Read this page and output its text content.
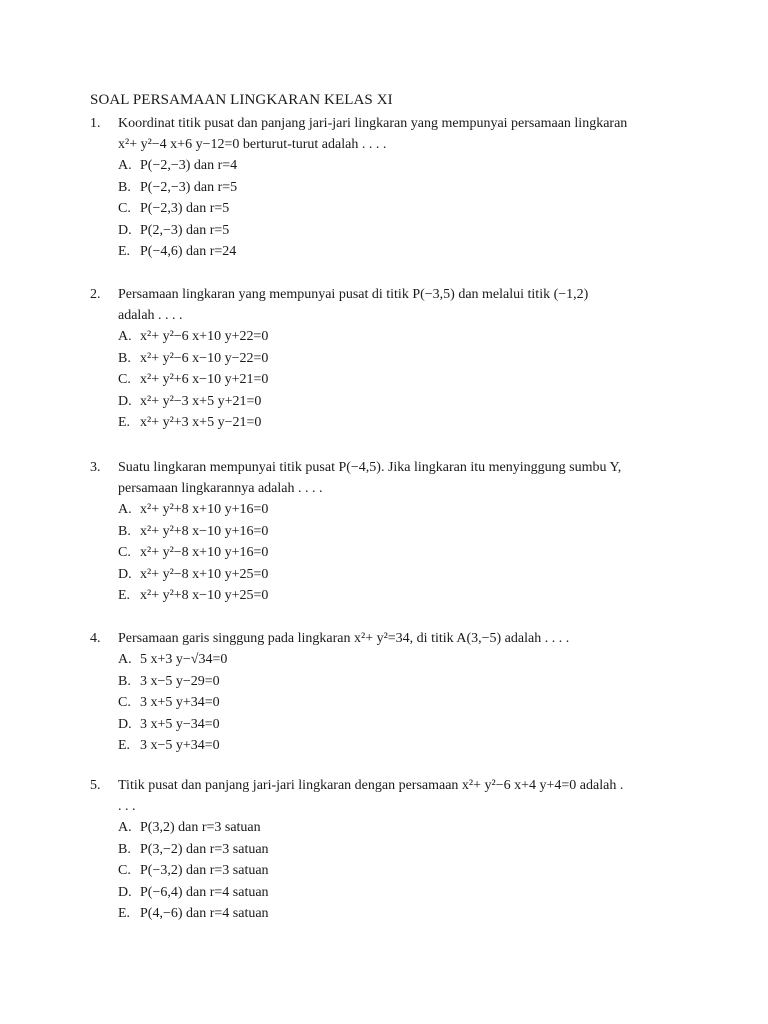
SOAL PERSAMAAN LINGKARAN KELAS XI
1.	Koordinat titik pusat dan panjang jari-jari lingkaran yang mempunyai persamaan lingkaran
x²+ y²−4 x+6 y−12=0 berturut-turut adalah . . . .
A. P(−2,−3) dan r=4
B. P(−2,−3) dan r=5
C. P(−2,3) dan r=5
D. P(2,−3) dan r=5
E. P(−4,6) dan r=24
2.	Persamaan lingkaran yang mempunyai pusat di titik P(−3,5) dan melalui titik (−1,2)
adalah . . . .
A. x²+ y²−6 x+10 y+22=0
B. x²+ y²−6 x−10 y−22=0
C. x²+ y²+6 x−10 y+21=0
D. x²+ y²−3 x+5 y+21=0
E. x²+ y²+3 x+5 y−21=0
3.	Suatu lingkaran mempunyai titik pusat P(−4,5). Jika lingkaran itu menyinggung sumbu Y,
persamaan lingkarannya adalah . . . .
A. x²+ y²+8 x+10 y+16=0
B. x²+ y²+8 x−10 y+16=0
C. x²+ y²−8 x+10 y+16=0
D. x²+ y²−8 x+10 y+25=0
E. x²+ y²+8 x−10 y+25=0
4.	Persamaan garis singgung pada lingkaran x²+ y²=34, di titik A(3,−5) adalah . . . .
A. 5 x+3 y−√34=0
B. 3 x−5 y−29=0
C. 3 x+5 y+34=0
D. 3 x+5 y−34=0
E. 3 x−5 y+34=0
5.	Titik pusat dan panjang jari-jari lingkaran dengan persamaan x²+ y²−6 x+4 y+4=0 adalah .
. . .
A. P(3,2) dan r=3 satuan
B. P(3,−2) dan r=3 satuan
C. P(−3,2) dan r=3 satuan
D. P(−6,4) dan r=4 satuan
E. P(4,−6) dan r=4 satuan
